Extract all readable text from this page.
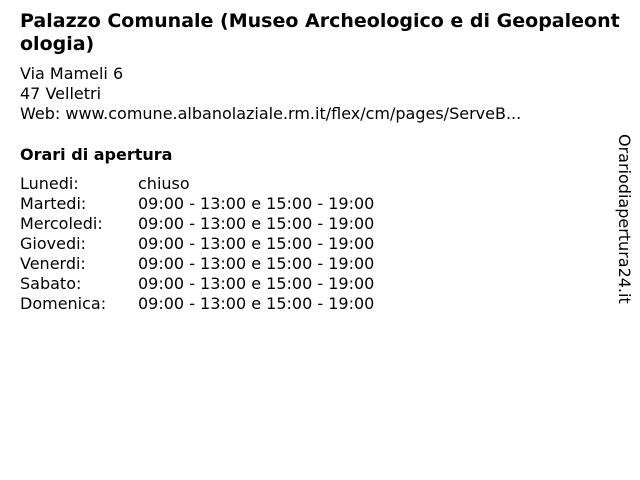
Palazzo Comunale (Museo Archeologico e di Geopaleontologia)
Via Mameli 6
47 Velletri
Web: www.comune.albanolaziale.rm.it/flex/cm/pages/ServeB...
Orari di apertura
Lunedi:	chiuso
Martedi:	09:00 - 13:00 e 15:00 - 19:00
Mercoledi:	09:00 - 13:00 e 15:00 - 19:00
Giovedi:	09:00 - 13:00 e 15:00 - 19:00
Venerdi:	09:00 - 13:00 e 15:00 - 19:00
Sabato:	09:00 - 13:00 e 15:00 - 19:00
Domenica:	09:00 - 13:00 e 15:00 - 19:00	Orariodiapertura24.it
